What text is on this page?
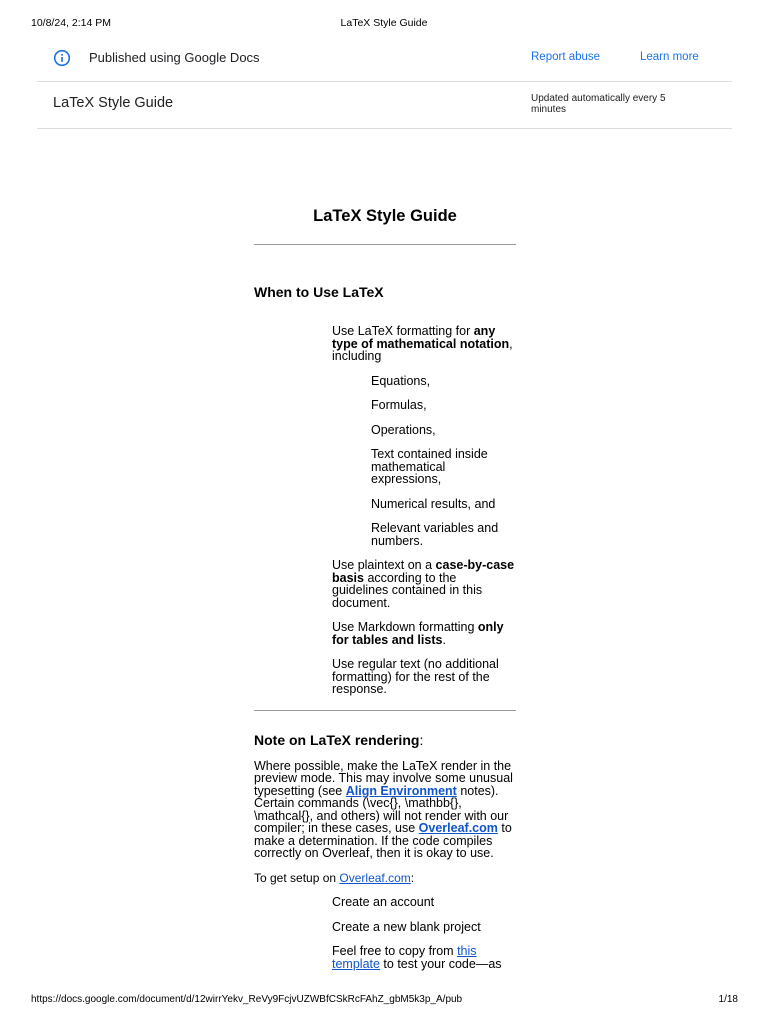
10/8/24, 2:14 PM	LaTeX Style Guide
https://docs.google.com/document/d/12wirrYekv_ReVy9FcjvUZWBfCSkRcFAhZ_gbM5k3p_A/pub	1/18
Published using Google Docs	Report abuse	Learn more
LaTeX Style Guide	Updated automatically every 5 minutes
LaTeX Style Guide
When to Use LaTeX

Use LaTeX formatting for any type of mathematical notation, including

Equations,

Formulas,

Operations,

Text contained inside mathematical expressions,

Numerical results, and

Relevant variables and numbers.

Use plaintext on a case-by-case basis according to the guidelines contained in this document.

Use Markdown formatting only for tables and lists.

Use regular text (no additional formatting) for the rest of the response.

Note on LaTeX rendering:

Where possible, make the LaTeX render in the preview mode. This may involve some unusual typesetting (see Align Environment notes). Certain commands (\vec{}, \mathbb{}, \mathcal{}, and others) will not render with our compiler; in these cases, use Overleaf.com to make a determination. If the code compiles correctly on Overleaf, then it is okay to use.

To get setup on Overleaf.com:

Create an account

Create a new blank project

Feel free to copy from this template to test your code—as
